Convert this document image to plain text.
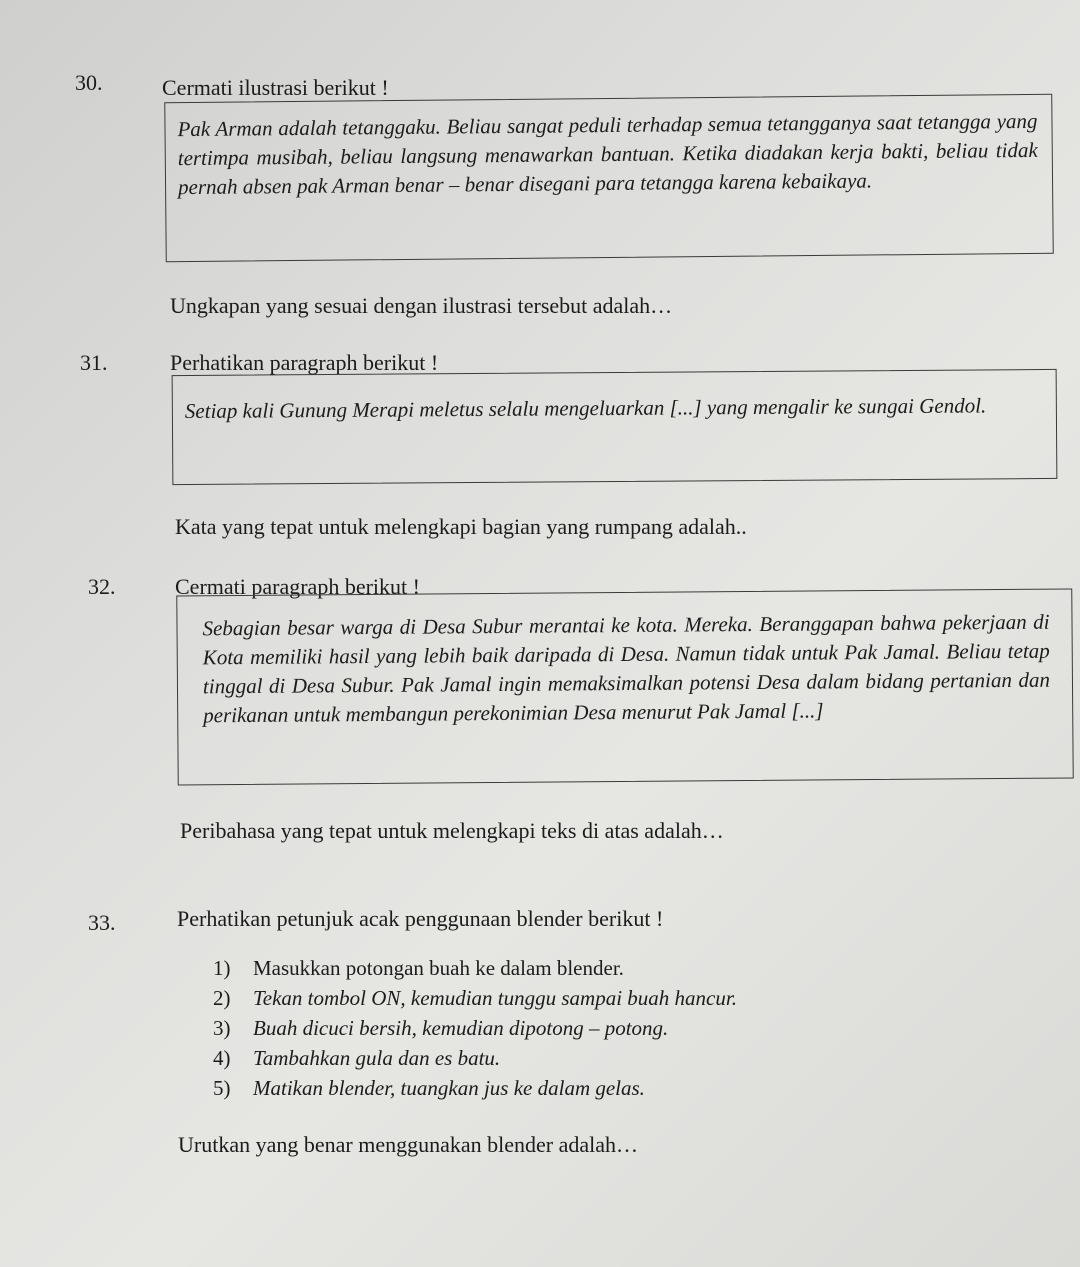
30.	Cermati ilustrasi berikut !

Pak Arman adalah tetanggaku. Beliau sangat peduli terhadap semua tetangganya saat tetangga yang tertimpa musibah, beliau langsung menawarkan bantuan. Ketika diadakan kerja bakti, beliau tidak pernah absen pak Arman benar – benar disegani para tetangga karena kebaikaya.

Ungkapan yang sesuai dengan ilustrasi tersebut adalah…
31.	Perhatikan paragraph berikut !

Setiap kali Gunung Merapi meletus selalu mengeluarkan [...] yang mengalir ke sungai Gendol.

Kata yang tepat untuk melengkapi bagian yang rumpang adalah..
32.	Cermati paragraph berikut !

Sebagian besar warga di Desa Subur merantai ke kota. Mereka. Beranggapan bahwa pekerjaan di Kota memiliki hasil yang lebih baik daripada di Desa. Namun tidak untuk Pak Jamal. Beliau tetap tinggal di Desa Subur. Pak Jamal ingin memaksimalkan potensi Desa dalam bidang pertanian dan perikanan untuk membangun perekonimian Desa menurut Pak Jamal [...]

Peribahasa yang tepat untuk melengkapi teks di atas adalah…
33.	Perhatikan petunjuk acak penggunaan blender berikut !
1)	Masukkan potongan buah ke dalam blender.
2)	Tekan tombol ON, kemudian tunggu sampai buah hancur.
3)	Buah dicuci bersih, kemudian dipotong – potong.
4)	Tambahkan gula dan es batu.
5)	Matikan blender, tuangkan jus ke dalam gelas.
Urutkan yang benar menggunakan blender adalah…
